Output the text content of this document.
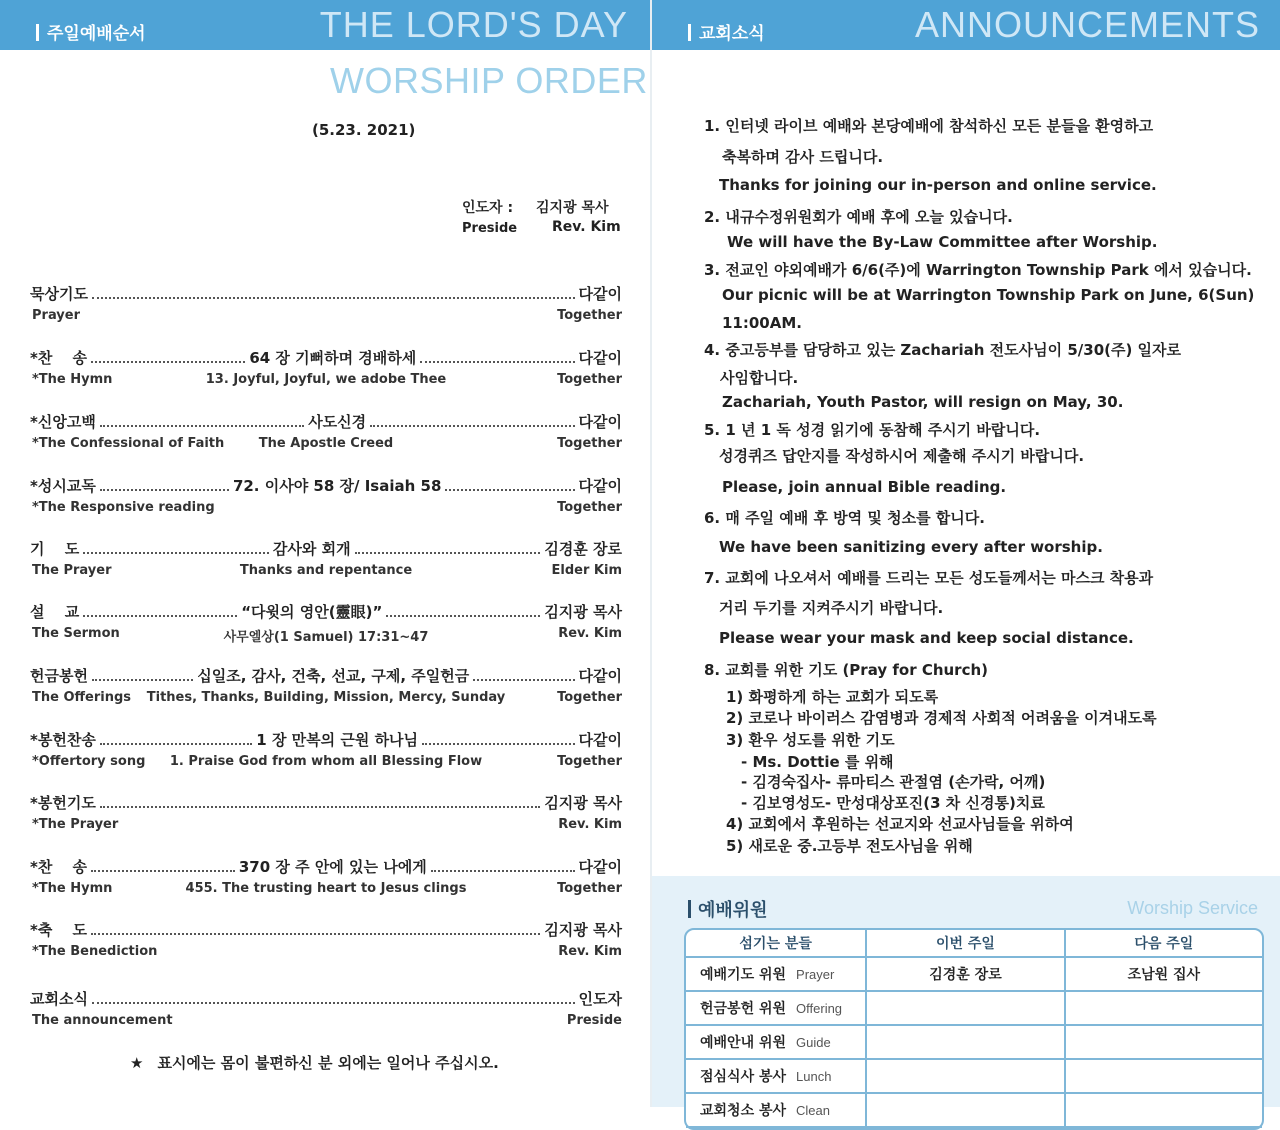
주일예배순서	THE LORD'S DAY
WORSHIP ORDER
(5.23. 2021)
인도자 : 김지광 목사
Preside Rev. Kim
묵상기도	다같이
Prayer	Together
*찬　 송	64 장 기뻐하며 경배하세	다같이
*The Hymn	13. Joyful, Joyful, we adobe Thee	Together
*신앙고백	사도신경	다같이
*The Confessional of Faith	The Apostle Creed	Together
*성시교독	72. 이사야 58 장/ Isaiah 58	다같이
*The Responsive reading	Together
기　 도	감사와 회개	김경훈 장로
The Prayer	Thanks and repentance	Elder Kim
설　 교	“다윗의 영안(靈眼)”	김지광 목사
The Sermon	사무엘상(1 Samuel) 17:31~47	Rev. Kim
헌금봉헌	십일조, 감사, 건축, 선교, 구제, 주일헌금	다같이
The Offerings	Tithes, Thanks, Building, Mission, Mercy, Sunday	Together
*봉헌찬송	1 장 만복의 근원 하나님	다같이
*Offertory song	1. Praise God from whom all Blessing Flow	Together
*봉헌기도	김지광 목사
*The Prayer	Rev. Kim
*찬　 송	370 장 주 안에 있는 나에게	다같이
*The Hymn	455. The trusting heart to Jesus clings	Together
*축　 도	김지광 목사
*The Benediction	Rev. Kim
교회소식	인도자
The announcement	Preside
★ 표시에는 몸이 불편하신 분 외에는 일어나 주십시오.
교회소식	ANNOUNCEMENTS
1. 인터넷 라이브 예배와 본당예배에 참석하신 모든 분들을 환영하고
축복하며 감사 드립니다.
Thanks for joining our in-person and online service.
2. 내규수정위원회가 예배 후에 오늘 있습니다.
We will have the By-Law Committee after Worship.
3. 전교인 야외예배가 6/6(주)에 Warrington Township Park 에서 있습니다.
Our picnic will be at Warrington Township Park on June, 6(Sun)
11:00AM.
4. 중고등부를 담당하고 있는 Zachariah 전도사님이 5/30(주) 일자로
사임합니다.
Zachariah, Youth Pastor, will resign on May, 30.
5. 1 년 1 독 성경 읽기에 동참해 주시기 바랍니다.
성경퀴즈 답안지를 작성하시어 제출해 주시기 바랍니다.
Please, join annual Bible reading.
6. 매 주일 예배 후 방역 및 청소를 합니다.
We have been sanitizing every after worship.
7. 교회에 나오셔서 예배를 드리는 모든 성도들께서는 마스크 착용과
거리 두기를 지켜주시기 바랍니다.
Please wear your mask and keep social distance.
8. 교회를 위한 기도 (Pray for Church)
1) 화평하게 하는 교회가 되도록
2) 코로나 바이러스 감염병과 경제적 사회적 어려움을 이겨내도록
3) 환우 성도를 위한 기도
- Ms. Dottie 를 위해
- 김경숙집사- 류마티스 관절염 (손가락, 어깨)
- 김보영성도- 만성대상포진(3 차 신경통)치료
4) 교회에서 후원하는 선교지와 선교사님들을 위하여
5) 새로운 중.고등부 전도사님을 위해
예배위원	Worship Service
섬기는 분들	이번 주일	다음 주일
예배기도 위원 Prayer	김경훈 장로	조남원 집사
헌금봉헌 위원 Offering		
예배안내 위원 Guide		
점심식사 봉사 Lunch		
교회청소 봉사 Clean		
